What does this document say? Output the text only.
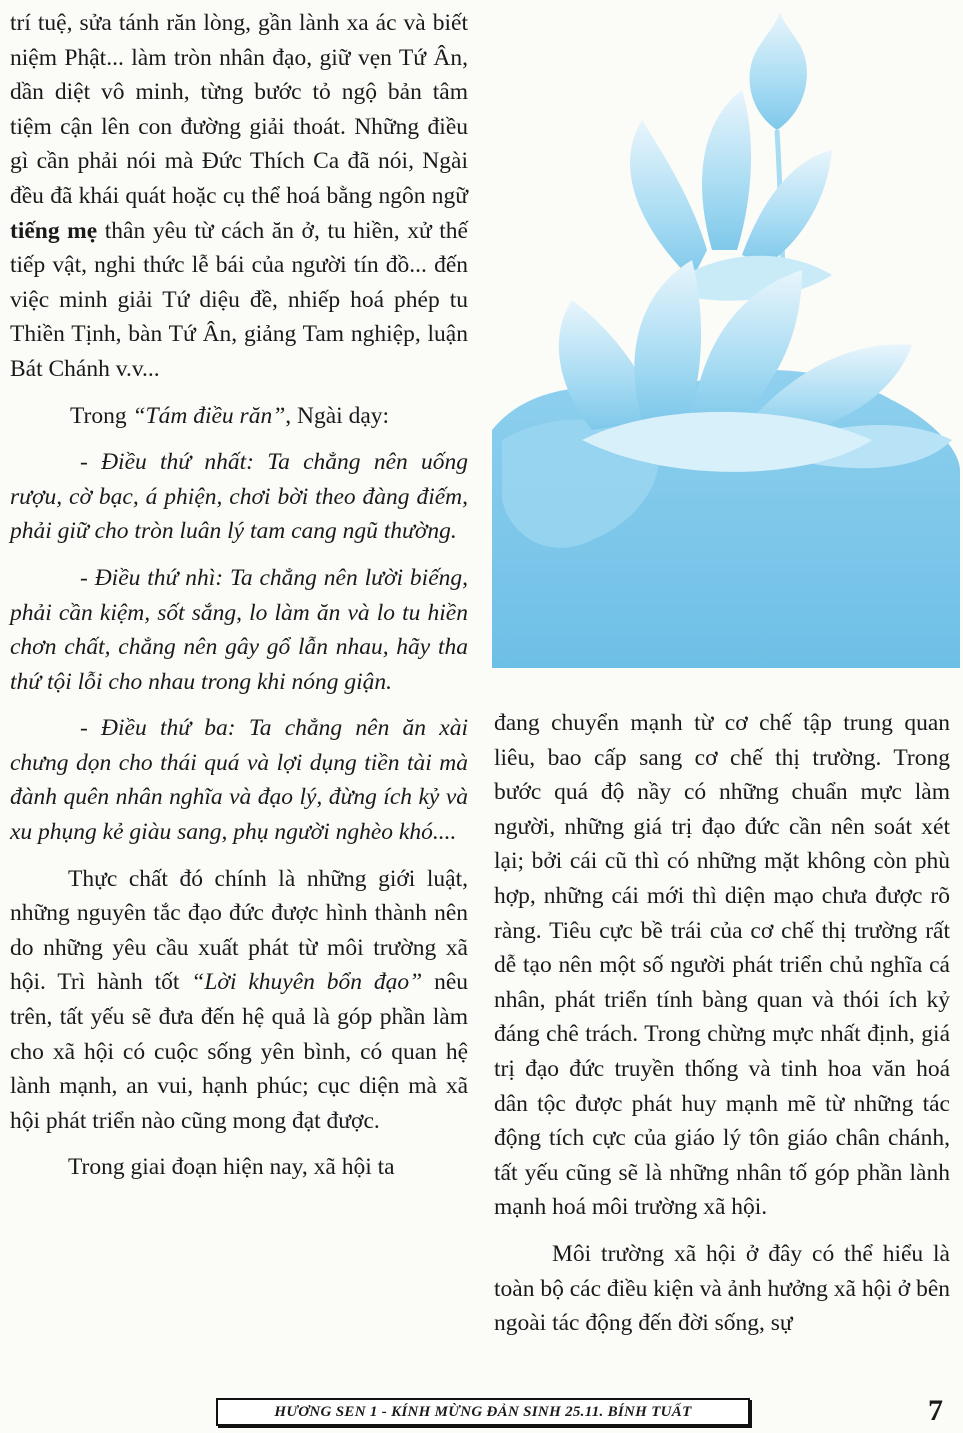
trí tuệ, sửa tánh răn lòng, gần lành xa ác và biết niệm Phật... làm tròn nhân đạo, giữ vẹn Tứ Ân, dần diệt vô minh, từng bước tỏ ngộ bản tâm tiệm cận lên con đường giải thoát. Những điều gì cần phải nói mà Đức Thích Ca đã nói, Ngài đều đã khái quát hoặc cụ thể hoá bằng ngôn ngữ tiếng mẹ thân yêu từ cách ăn ở, tu hiền, xử thế tiếp vật, nghi thức lễ bái của người tín đồ... đến việc minh giải Tứ diệu đề, nhiếp hoá phép tu Thiền Tịnh, bàn Tứ Ân, giảng Tam nghiệp, luận Bát Chánh v.v...

Trong “Tám điều răn”, Ngài dạy:

- Điều thứ nhất: Ta chẳng nên uống rượu, cờ bạc, á phiện, chơi bời theo đàng điếm, phải giữ cho tròn luân lý tam cang ngũ thường.

- Điều thứ nhì: Ta chẳng nên lười biếng, phải cần kiệm, sốt sắng, lo làm ăn và lo tu hiền chơn chất, chẳng nên gây gổ lẫn nhau, hãy tha thứ tội lỗi cho nhau trong khi nóng giận.

- Điều thứ ba: Ta chẳng nên ăn xài chưng dọn cho thái quá và lợi dụng tiền tài mà đành quên nhân nghĩa và đạo lý, đừng ích kỷ và xu phụng kẻ giàu sang, phụ người nghèo khó....

Thực chất đó chính là những giới luật, những nguyên tắc đạo đức được hình thành nên do những yêu cầu xuất phát từ môi trường xã hội. Trì hành tốt “Lời khuyên bổn đạo” nêu trên, tất yếu sẽ đưa đến hệ quả là góp phần làm cho xã hội có cuộc sống yên bình, có quan hệ lành mạnh, an vui, hạnh phúc; cục diện mà xã hội phát triển nào cũng mong đạt được.

Trong giai đoạn hiện nay, xã hội ta

đang chuyển mạnh từ cơ chế tập trung quan liêu, bao cấp sang cơ chế thị trường. Trong bước quá độ nầy có những chuẩn mực làm người, những giá trị đạo đức cần nên soát xét lại; bởi cái cũ thì có những mặt không còn phù hợp, những cái mới thì diện mạo chưa được rõ ràng. Tiêu cực bề trái của cơ chế thị trường rất dễ tạo nên một số người phát triển chủ nghĩa cá nhân, phát triển tính bàng quan và thói ích kỷ đáng chê trách. Trong chừng mực nhất định, giá trị đạo đức truyền thống và tinh hoa văn hoá dân tộc được phát huy mạnh mẽ từ những tác động tích cực của giáo lý tôn giáo chân chánh, tất yếu cũng sẽ là những nhân tố góp phần lành mạnh hoá môi trường xã hội.

Môi trường xã hội ở đây có thể hiểu là toàn bộ các điều kiện và ảnh hưởng xã hội ở bên ngoài tác động đến đời sống, sự

HƯƠNG SEN 1 - KÍNH MỪNG ĐẢN SINH 25.11. BÍNH TUẤT	7
